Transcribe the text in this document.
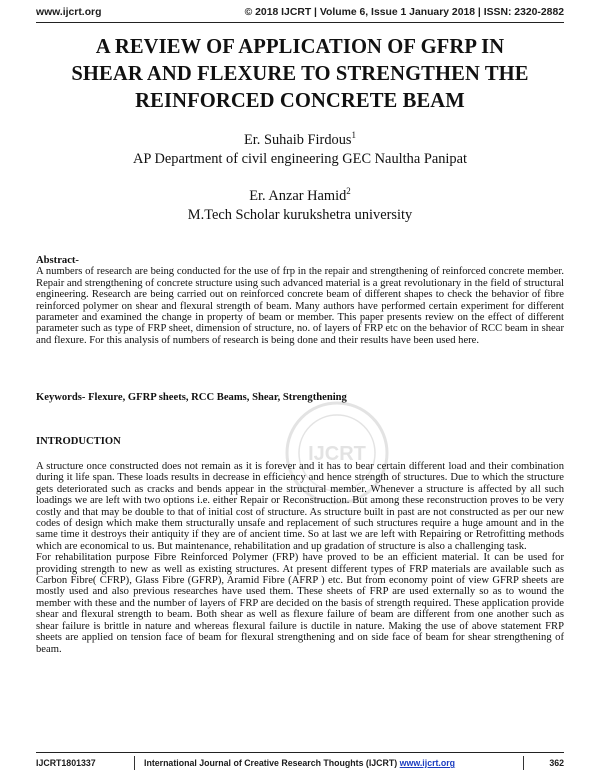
www.ijcrt.org	© 2018 IJCRT | Volume 6, Issue 1 January 2018 | ISSN: 2320-2882
A REVIEW OF APPLICATION OF GFRP IN
SHEAR AND FLEXURE TO STRENGTHEN THE
REINFORCED CONCRETE BEAM
Er. Suhaib Firdous$^1$
AP Department of civil engineering GEC Naultha Panipat
Er. Anzar Hamid$^2$
M.Tech Scholar kurukshetra university
Abstract-

A numbers of research are being conducted for the use of frp in the repair and strengthening of reinforced concrete member. Repair and strengthening of concrete structure using such advanced material is a great revolutionary in the field of structural engineering. Research are being carried out on reinforced concrete beam of different shapes to check the behavior of fibre reinforced polymer on shear and flexural strength of beam. Many authors have performed certain experiment for different parameter and examined the change in property of beam or member. This paper presents review on the effect of different parameter such as type of FRP sheet, dimension of structure, no. of layers of FRP etc on the behavior of RCC beam in shear and flexure. For this analysis of numbers of research is being done and their results have been used here.

Keywords- Flexure, GFRP sheets, RCC Beams, Shear, Strengthening
IJCRT
INTRODUCTION

A structure once constructed does not remain as it is forever and it has to bear certain different load and their combination during it life span. These loads results in decrease in efficiency and hence strength of structures. Due to which the structure gets deteriorated such as cracks and bends appear in the structural member. Whenever a structure is affected by all such loadings we are left with two options i.e. either Repair or Reconstruction. But among these reconstruction proves to be very costly and that may be double to that of initial cost of structure. As structure built in past are not constructed as per our new codes of design which make them structurally unsafe and replacement of such structures require a huge amount and in the same time it destroys their antiquity if they are of ancient time. So at last we are left with Repairing or Retrofitting methods which are economical to us. But maintenance, rehabilitation and up gradation of structure is also a challenging task.

For rehabilitation purpose Fibre Reinforced Polymer (FRP) have proved to be an efficient material. It can be used for providing strength to new as well as existing structures. At present different types of FRP materials are available such as Carbon Fibre( CFRP), Glass Fibre (GFRP), Aramid Fibre (AFRP ) etc. But from economy point of view GFRP sheets are mostly used and also previous researches have used them. These sheets of FRP are used externally so as to wound the member with these and the number of layers of FRP are decided on the basis of strength required. These application provide shear and flexural strength to beam. Both shear as well as flexure failure of beam are different from one another such as shear failure is brittle in nature and whereas flexural failure is ductile in nature. Making the use of above statement FRP sheets are applied on tension face of beam for flexural strengthening and on side face of beam for shear strengthening of beam.

IJCRT1801337	International Journal of Creative Research Thoughts (IJCRT) www.ijcrt.org	362
